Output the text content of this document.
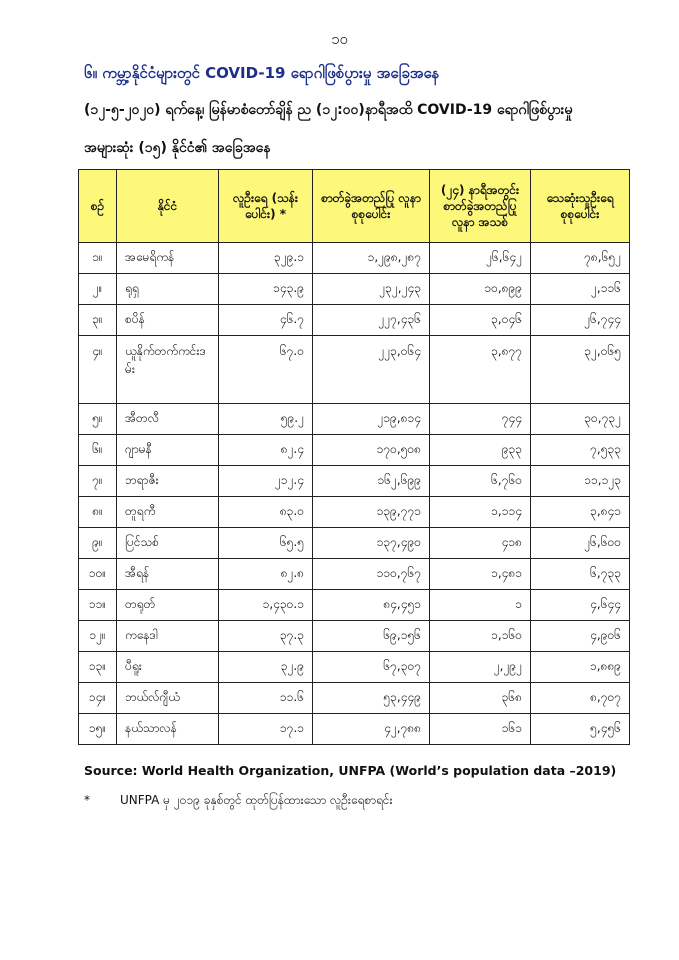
၁၀
၆။ ကမ္ဘာ့နိုင်ငံများတွင် COVID-19 ရောဂါဖြစ်ပွားမှု အခြေအနေ
(၁၂-၅-၂၀၂၀) ရက်နေ့၊ မြန်မာစံတော်ချိန် ည (၁၂:၀၀)နာရီအထိ COVID-19 ရောဂါဖြစ်ပွားမှု
အများဆုံး (၁၅) နိုင်ငံ၏ အခြေအနေ
စဉ်	နိုင်ငံ	လူဦးရေ (သန်းပေါင်း) *	စာတ်ခွဲအတည်ပြု လူနာ စုစုပေါင်း	(၂၄) နာရီအတွင်း စာတ်ခွဲအတည်ပြု လူနာ အသစ်	သေဆုံးသူဦးရေ စုစုပေါင်း
၁။	အမေရိကန်	၃၂၉.၁	၁,၂၉၈,၂၈၇	၂၆,၆၄၂	၇၈,၆၅၂
၂။	ရုရှ	၁၄၃.၉	၂၃၂,၂၄၃	၁၀,၈၉၉	၂,၁၁၆
၃။	စပိန်	၄၆.၇	၂၂၇,၄၃၆	၃,၀၄၆	၂၆,၇၄၄
၄။	ယူနိုက်တက်ကင်းဒမ်း	၆၇.၀	၂၂၃,၀၆၄	၃,၈၇၇	၃၂,၀၆၅
၅။	အီတလီ	၅၉.၂	၂၁၉,၈၁၄	၇၄၄	၃၀,၇၃၂
၆။	ဂျာမနီ	၈၂.၄	၁၇၀,၅၀၈	၉၃၃	၇,၅၃၃
၇။	ဘရာဇီး	၂၁၂.၄	၁၆၂,၆၉၉	၆,၇၆၀	၁၁,၁၂၃
၈။	တူရကီ	၈၃.၀	၁၃၉,၇၇၁	၁,၁၁၄	၃,၈၄၁
၉။	ပြင်သစ်	၆၅.၅	၁၃၇,၄၉၀	၄၁၈	၂၆,၆၀၀
၁၀။	အီရန်	၈၂.၈	၁၁၀,၇၆၇	၁,၄၈၁	၆,၇၃၃
၁၁။	တရုတ်	၁,၄၃၀.၁	၈၄,၄၅၁	၁	၄,၆၄၄
၁၂။	ကနေဒါ	၃၇.၃	၆၉,၁၅၆	၁,၁၆၀	၄,၉၀၆
၁၃။	ပီရူး	၃၂.၉	၆၇,၃၀၇	၂,၂၉၂	၁,၈၈၉
၁၄။	ဘယ်လ်ဂျီယံ	၁၁.၆	၅၃,၄၄၉	၃၆၈	၈,၇၀၇
၁၅။	နယ်သာလန်	၁၇.၁	၄၂,၇၈၈	၁၆၁	၅,၄၅၆
Source: World Health Organization, UNFPA (World’s population data –2019)
*	UNFPA မှ ၂၀၁၉ ခုနှစ်တွင် ထုတ်ပြန်ထားသော လူဦးရေစာရင်း
